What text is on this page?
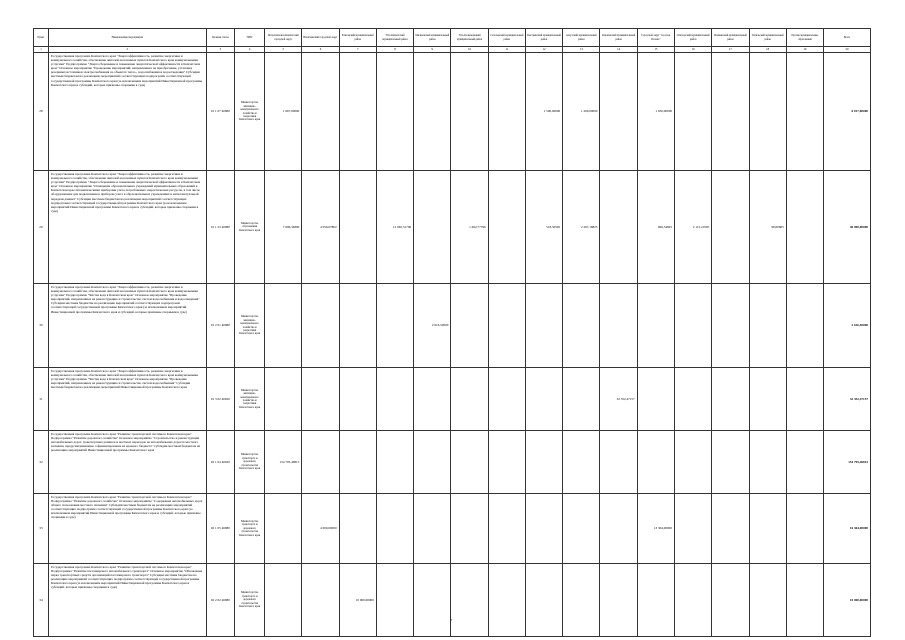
Пункт	Наименование мероприятия	Целевая статья	ГРБС	Петропавловск-Камчатский городской округ	Вилючинский городской округ	Елизовский муниципальный район	Усть-Камчатский муниципальный район	Мильковский муниципальный район	Усть-Большерецкий муниципальный район	Соболевский муниципальный район	Быстринский муниципальный район	Алеутский муниципальный район	Карагинский муниципальный район	Городской округ "поселок Палана"	Олюторский муниципальный район	Пенжинский муниципальный район	Тигильский муниципальный район	Прочие муниципальные образования	Всего
1	2	3	4	5	6	7	8	9	10	11	12	13	14	15	16	17	18	19	20
28	Государственная программа Камчатского края "Энергоэффективность, развитие энергетики и коммунального хозяйства, обеспечение жителей населенных пунктов Камчатского края коммунальными услугами" Подпрограмма "Энергосбережение и повышение энергетической эффективности в Камчатском крае" Основное мероприятие "Проведение мероприятий, направленных на приобретение, установку резервных источников электроснабжения на объектах тепло-, водоснабжения и водоотведения" Субсидии местным бюджетам на реализацию мероприятий соответствующих подпрограмм соответствующей государственной программы Камчатского края (за исключением мероприятий Инвестиционной программы Камчатского края и субсидий, которые признаны спорными в суде)	01 1 07 40080	Министерство жилищно-коммунального хозяйства и энергетики Камчатского края	1 667,00000							1 500,00000	1 200,00000		1 650,00000					6 017,00000
29	Государственная программа Камчатского края "Энергоэффективность, развитие энергетики и коммунального хозяйства, обеспечение жителей населенных пунктов Камчатского края коммунальными услугами" Подпрограмма "Энергосбережение и повышение энергетической эффективности в Камчатском крае" Основное мероприятие "Оснащение образовательных учреждений муниципальных образований в Камчатском крае автоматическими приборами учета потребляемых энергетических ресурсов, в том числе оборудованием для подключения к приборам учета в образовательных учреждениях и интеллектуальной передачи данных" Субсидии местным бюджетам на реализацию мероприятий соответствующих подпрограмм соответствующей государственной программы Камчатского края (за исключением мероприятий Инвестиционной программы Камчатского края и субсидий, которые признаны спорными в суде)	01 1 23 40080	Министерство образования Камчатского края	7 696,34890	4 056,07802		12 965,31706		1 692,77796		518,50565	2 267,16823		696,54695	2 115,21995		98,60865		40 000,00000
30	Государственная программа Камчатского края "Энергоэффективность, развитие энергетики и коммунального хозяйства, обеспечение жителей населенных пунктов Камчатского края коммунальными услугами" Подпрограмма "Чистая вода в Камчатском крае" Основное мероприятие "Проведение мероприятий, направленных на реконструкцию и строительство систем водоснабжения и водоотведения" Субсидии местным бюджетам на реализацию мероприятий соответствующих подпрограмм соответствующей государственной программы Камчатского края (за исключением мероприятий Инвестиционной программы Камчатского края и субсидий, которые признаны спорными в суде)	01 2 01 40080	Министерство жилищно-коммунального хозяйства и энергетики Камчатского края					2 616,50000											2 616,50000
31	Государственная программа Камчатского края "Энергоэффективность, развитие энергетики и коммунального хозяйства, обеспечение жителей населенных пунктов Камчатского края коммунальными услугами" Подпрограмма "Чистая вода в Камчатском крае" Основное мероприятие "Проведение мероприятий, направленных на реконструкцию и строительство систем водоснабжения" Субсидии местным бюджетам на реализацию мероприятий Инвестиционной программы Камчатского края	01 3 02 40020	Министерство жилищно-коммунального хозяйства и энергетики Камчатского края										32 352,47157						32 352,47157
32	Государственная программа Камчатского края "Развитие транспортной системы в Камчатском крае" Подпрограмма "Развитие дорожного хозяйства" Основное мероприятие "Строительство и реконструкция автомобильных дорог, транспортных развязок и местных переездов на автомобильных дорогах местного значения, предусматривающее софинансирование из краевого бюджета" Субсидии местным бюджетам на реализацию мероприятий Инвестиционной программы Камчатского края	02 1 04 40020	Министерство транспорта и дорожного строительства Камчатского края	154 795,46815															154 795,46815
33	Государственная программа Камчатского края "Развитие транспортной системы в Камчатском крае" Подпрограмма "Развитие дорожного хозяйства" Основное мероприятие "Содержание автомобильных дорог общего пользования местного значения" Субсидии местным бюджетам на реализацию мероприятий соответствующих подпрограмм соответствующей государственной программы Камчатского края (за исключением мероприятий Инвестиционной программы Камчатского края и субсидий, которые признаны спорными в суде)	02 1 05 40080	Министерство транспорта и дорожного строительства Камчатского края		4 000,00000									13 364,00000					16 364,00000
34	Государственная программа Камчатского края "Развитие транспортной системы в Камчатском крае" Подпрограмма "Развитие пассажирского автомобильного транспорта" Основное мероприятие "Обновление парка транспортных средств организаций пассажирского транспорта" Субсидии местным бюджетам на реализацию мероприятий соответствующих подпрограмм соответствующей государственной программы Камчатского края (за исключением мероприятий Инвестиционной программы Камчатского края и субсидий, которые признаны спорными в суде)	02 2 02 40080	Министерство транспорта и дорожного строительства Камчатского края			10 000,00000													10 000,00000
7
